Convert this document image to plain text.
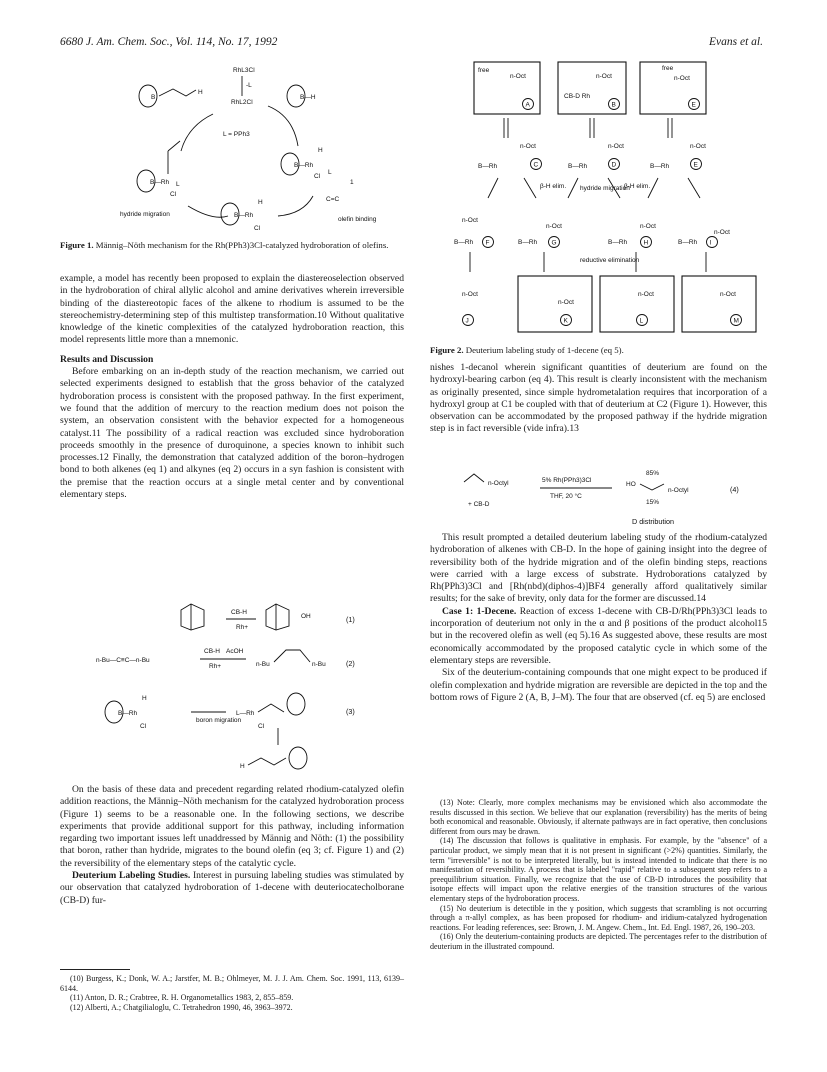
6680 J. Am. Chem. Soc., Vol. 114, No. 17, 1992	Evans et al.
RhL3Cl
-L
RhL2Cl
L = PPh3
B
H
B—H
B—Rh
Cl
L
B—Rh
H
Cl
L
1
C=C
olefin binding
B—Rh
H
Cl
hydride migration
Figure 1. Männig–Nöth mechanism for the Rh(PPh3)3Cl-catalyzed hydroboration of olefins.

example, a model has recently been proposed to explain the diastereoselection observed in the hydroboration of chiral allylic alcohol and amine derivatives wherein irreversible binding of the diastereotopic faces of the alkene to rhodium is assumed to be the stereochemistry-determining step of this multistep transformation.10 Without qualitative knowledge of the kinetic complexities of the catalyzed hydroboration reaction, this model represents little more than a mnemonic.

Results and Discussion

Before embarking on an in-depth study of the reaction mechanism, we carried out selected experiments designed to establish that the gross behavior of the catalyzed hydroboration process is consistent with the proposed pathway. In the first experiment, we found that the addition of mercury to the reaction medium does not poison the system, an observation consistent with the behavior expected for a homogeneous catalyst.11 The possibility of a radical reaction was excluded since hydroboration proceeds smoothly in the presence of duroquinone, a species known to inhibit such processes.12 Finally, the demonstration that catalyzed addition of the boron–hydrogen bond to both alkenes (eq 1) and alkynes (eq 2) occurs in a syn fashion is consistent with the premise that the reaction occurs at a single metal center and by conventional elementary steps.

CB-H
Rh+
OH	(1)
n-Bu—C≡C—n-Bu
CB-H AcOH
Rh+	n-Bu	n-Bu	(2)
B—Rh
H
Cl
boron migration
L—Rh
Cl
(3)
H

On the basis of these data and precedent regarding related rhodium-catalyzed olefin addition reactions, the Männig–Nöth mechanism for the catalyzed hydroboration process (Figure 1) seems to be a reasonable one. In the following sections, we describe experiments that provide additional support for this pathway, including information regarding two important issues left unaddressed by Männig and Nöth: (1) the possibility that boron, rather than hydride, migrates to the bound olefin (eq 3; cf. Figure 1) and (2) the reversibility of the elementary steps of the catalytic cycle.

Deuterium Labeling Studies. Interest in pursuing labeling studies was stimulated by our observation that catalyzed hydroboration of 1-decene with deuteriocatecholborane (CB-D) fur-

(10) Burgess, K.; Donk, W. A.; Jarstfer, M. B.; Ohlmeyer, M. J. J. Am. Chem. Soc. 1991, 113, 6139–6144.

(11) Anton, D. R.; Crabtree, R. H. Organometallics 1983, 2, 855–859.

(12) Alberti, A.; Chatgilialoglu, C. Tetrahedron 1990, 46, 3963–3972.

free
n-Oct
A
n-Oct
CB-D Rh
B
free
n-Oct
E
n-Oct
B—Rh	C
n-Oct
B—Rh	D
n-Oct
B—Rh	E
β-H elim. hydride migration
β-H elim.
n-Oct
B—Rh F
n-Oct
B—Rh G
n-Oct
B—Rh	H
n-Oct
B—Rh I
reductive elimination
n-Oct
J
n-Oct
K
n-Oct
L
n-Oct
M
Figure 2. Deuterium labeling study of 1-decene (eq 5).

nishes 1-decanol wherein significant quantities of deuterium are found on the hydroxyl-bearing carbon (eq 4). This result is clearly inconsistent with the mechanism as originally presented, since simple hydrometalation requires that incorporation of a hydroxyl group at C1 be coupled with that of deuterium at C2 (Figure 1). However, this observation can be accommodated by the proposed pathway if the hydride migration step is in fact reversible (vide infra).13

n-Octyl
+ CB-D
5% Rh(PPh3)3Cl
THF, 20 °C
HO
n-Octyl
85%
15%
D distribution
(4)

This result prompted a detailed deuterium labeling study of the rhodium-catalyzed hydroboration of alkenes with CB-D. In the hope of gaining insight into the degree of reversibility both of the hydride migration and of the olefin binding steps, reactions were carried with a large excess of substrate. Hydroborations catalyzed by Rh(PPh3)3Cl and [Rh(nbd)(diphos-4)]BF4 generally afford qualitatively similar results; for the sake of brevity, only data for the former are discussed.14

Case 1: 1-Decene. Reaction of excess 1-decene with CB-D/Rh(PPh3)3Cl leads to incorporation of deuterium not only in the α and β positions of the product alcohol15 but in the recovered olefin as well (eq 5).16 As suggested above, these results are most economically accommodated by the proposed catalytic cycle in which some of the elementary steps are reversible.

Six of the deuterium-containing compounds that one might expect to be produced if olefin complexation and hydride migration are reversible are depicted in the top and the bottom rows of Figure 2 (A, B, J–M). The four that are observed (cf. eq 5) are enclosed

(13) Note: Clearly, more complex mechanisms may be envisioned which also accommodate the results discussed in this section. We believe that our explanation (reversibility) has the merits of being both economical and reasonable. Obviously, if alternate pathways are in fact operative, then conclusions different from ours may be drawn.

(14) The discussion that follows is qualitative in emphasis. For example, by the "absence" of a particular product, we simply mean that it is not present in significant (>2%) quantities. Similarly, the term "irreversible" is not to be interpreted literally, but is instead intended to indicate that there is no manifestation of reversibility. A process that is labeled "rapid" relative to a subsequent step refers to a preequilibrium situation. Finally, we recognize that the use of CB-D introduces the possibility that isotope effects will impact upon the relative energies of the transition structures of the various elementary steps of the hydroboration process.

(15) No deuterium is detectible in the γ position, which suggests that scrambling is not occurring through a π-allyl complex, as has been proposed for rhodium- and iridium-catalyzed hydrogenation reactions. For leading references, see: Brown, J. M. Angew. Chem., Int. Ed. Engl. 1987, 26, 190–203.

(16) Only the deuterium-containing products are depicted. The percentages refer to the distribution of deuterium in the illustrated compound.
